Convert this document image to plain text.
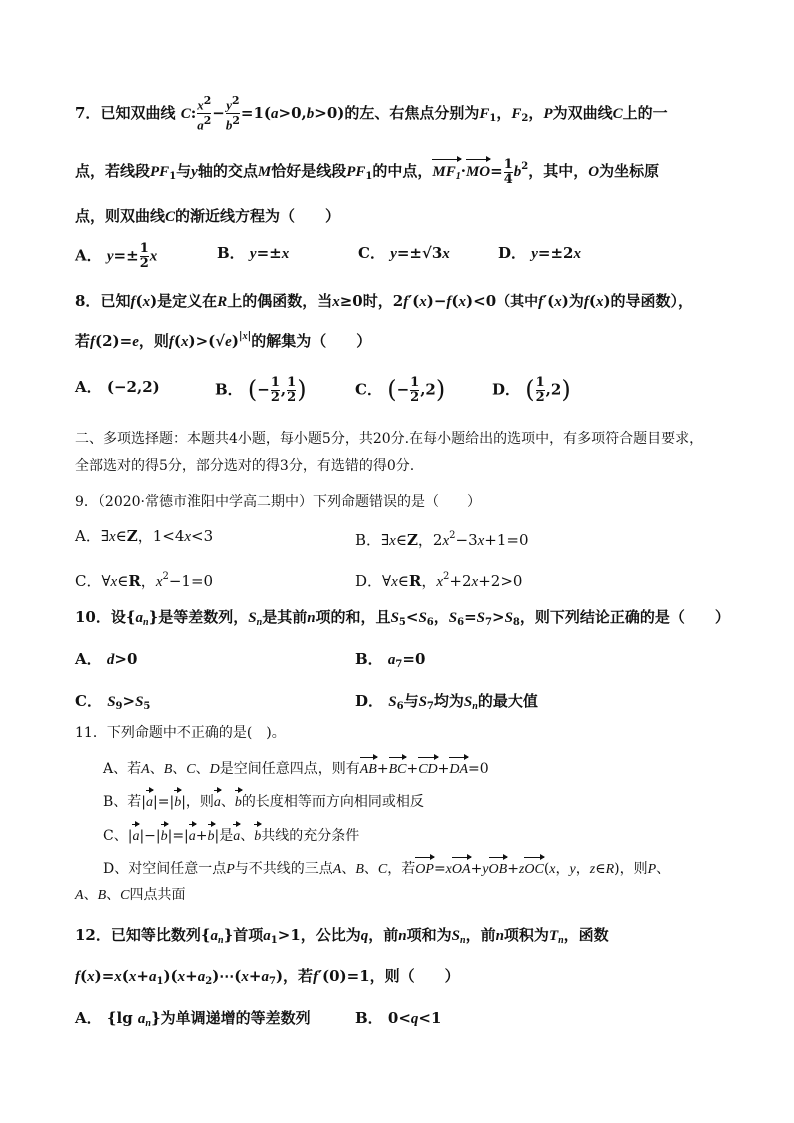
7．已知双曲线 C: $\frac{x^2}{a^2} - \frac{y^2}{b^2} =1(a>0,b>0)$的左、右焦点分别为$F_1$，$F_2$，P为双曲线C上的一
点，若线段$PF_1$与y轴的交点M恰好是线段$PF_1$的中点，$MF_1\cdot MO= \frac{1}{4} b^2$，其中，O为坐标原
点，则双曲线C的渐近线方程为（　　）
A． $y=\pm \frac{1}{2}$ x	B． y=±x	C． y=±√3x	D． y=±2x
8．已知f(x)是定义在R上的偶函数，当x≥0时，2f′(x)−f(x)<0（其中f′(x)为f(x)的导函数），
若f(2)=e，则$f(x)>(√e)^{|x|}$的解集为（　　）
A． (−2,2)	B． (− $\frac{1}{2}$ , $\frac{1}{2}$ )	C． (− $\frac{1}{2} ,2$)	D． ( $\frac{1}{2} ,2$)
二、多项选择题：本题共4小题，每小题5分，共20分.在每小题给出的选项中，有多项符合题目要求，
全部选对的得5分，部分选对的得3分，有选错的得0分.
9．（2020·常德市淮阳中学高二期中）下列命题错误的是（　　）
A．∃x∈Z，1<4x<3	B．∃x∈Z，$2x^2-3x+1=0$
C．∀x∈R，$x^2-1=0$	D．∀x∈R，$x^2+2x+2>0$
10．设$\{a_n\}$是等差数列，$S_n$是其前n项的和，且$S_5<S_6$，$S_6=S_7>S_8$，则下列结论正确的是（　　）
A． d>0	B． $a_7=0$
C． $S_9>S_5$	D． $S_6$与$S_7$均为$S_n$的最大值
11．下列命题中不正确的是(　)。
A、若A、B、C、D是空间任意四点，则有AB+BC+CD+DA=0
B、若|a|=|b|，则a、b的长度相等而方向相同或相反
C、|a|−|b|=|a+b|是a、b共线的充分条件
D、对空间任意一点P与不共线的三点A、B、C，若OP=xOA+yOB+zOC(x，y，z∈R)，则P、
A、B、C四点共面
12．已知等比数列$\{a_n\}$首项$a_1>1$，公比为q，前n项和为$S_n$，前n项积为$T_n$，函数
$f(x)=x(x+a_1)(x+a_2)\cdots(x+a_7)$，若f′(0)=1，则（　　）
A． {lg $a_n$}为单调递增的等差数列	B． 0<q<1
